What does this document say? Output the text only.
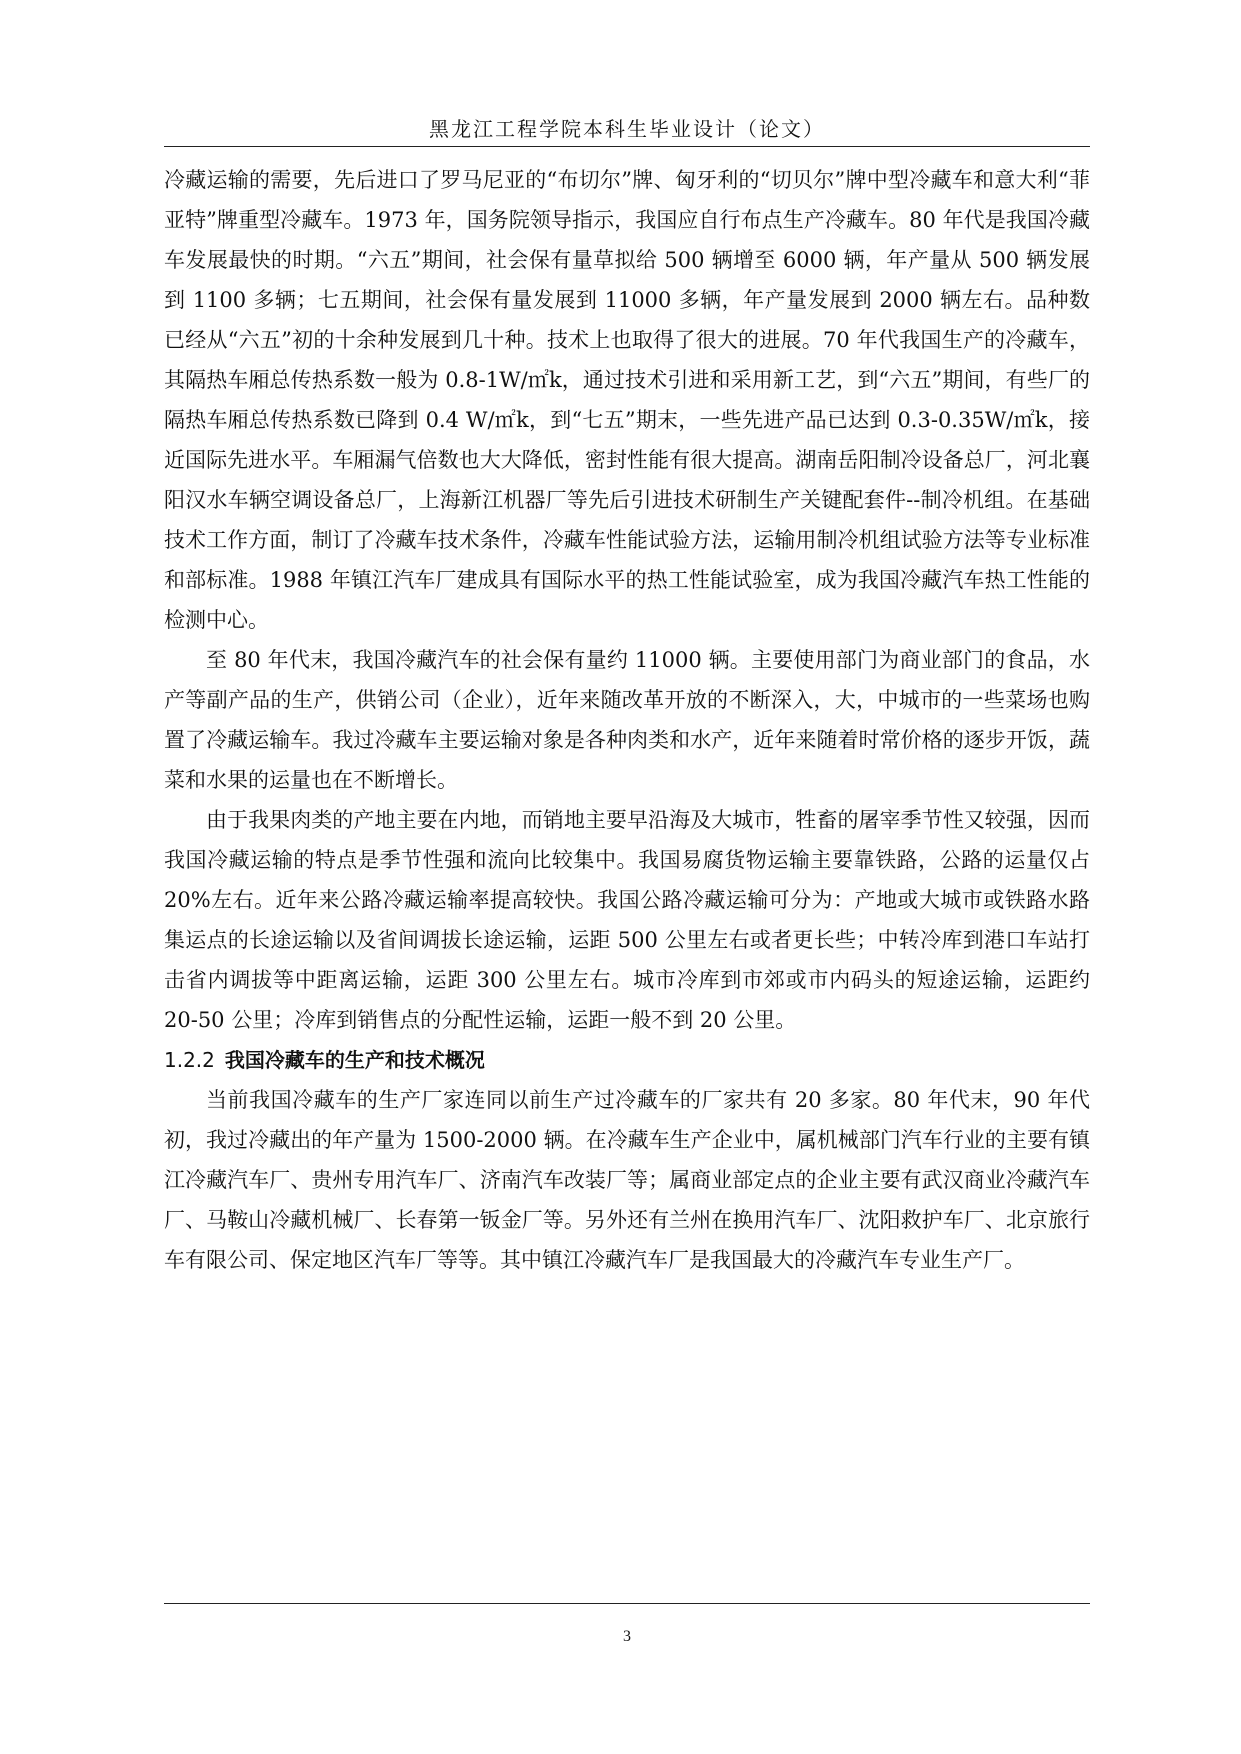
黑龙江工程学院本科生毕业设计（论文）

冷藏运输的需要，先后进口了罗马尼亚的“布切尔”牌、匈牙利的“切贝尔”牌中型冷藏车和意大利“菲亚特”牌重型冷藏车。1973 年，国务院领导指示，我国应自行布点生产冷藏车。80 年代是我国冷藏车发展最快的时期。“六五”期间，社会保有量草拟给 500 辆增至 6000 辆，年产量从 500 辆发展到 1100 多辆；七五期间，社会保有量发展到 11000 多辆，年产量发展到 2000 辆左右。品种数已经从“六五”初的十余种发展到几十种。技术上也取得了很大的进展。70 年代我国生产的冷藏车，其隔热车厢总传热系数一般为 0.8-1W/㎡k，通过技术引进和采用新工艺，到“六五”期间，有些厂的隔热车厢总传热系数已降到 0.4 W/㎡k，到“七五”期末，一些先进产品已达到 0.3-0.35W/㎡k，接近国际先进水平。车厢漏气倍数也大大降低，密封性能有很大提高。湖南岳阳制冷设备总厂，河北襄阳汉水车辆空调设备总厂，上海新江机器厂等先后引进技术研制生产关键配套件--制冷机组。在基础技术工作方面，制订了冷藏车技术条件，冷藏车性能试验方法，运输用制冷机组试验方法等专业标准和部标准。1988 年镇江汽车厂建成具有国际水平的热工性能试验室，成为我国冷藏汽车热工性能的检测中心。

至 80 年代末，我国冷藏汽车的社会保有量约 11000 辆。主要使用部门为商业部门的食品，水产等副产品的生产，供销公司（企业），近年来随改革开放的不断深入，大，中城市的一些菜场也购置了冷藏运输车。我过冷藏车主要运输对象是各种肉类和水产，近年来随着时常价格的逐步开饭，蔬菜和水果的运量也在不断增长。

由于我果肉类的产地主要在内地，而销地主要早沿海及大城市，牲畜的屠宰季节性又较强，因而我国冷藏运输的特点是季节性强和流向比较集中。我国易腐货物运输主要靠铁路，公路的运量仅占 20%左右。近年来公路冷藏运输率提高较快。我国公路冷藏运输可分为：产地或大城市或铁路水路集运点的长途运输以及省间调拔长途运输，运距 500 公里左右或者更长些；中转冷库到港口车站打击省内调拔等中距离运输，运距 300 公里左右。城市冷库到市郊或市内码头的短途运输，运距约 20-50 公里；冷库到销售点的分配性运输，运距一般不到 20 公里。

1.2.2 我国冷藏车的生产和技术概况

当前我国冷藏车的生产厂家连同以前生产过冷藏车的厂家共有 20 多家。80 年代末，90 年代初，我过冷藏出的年产量为 1500-2000 辆。在冷藏车生产企业中，属机械部门汽车行业的主要有镇江冷藏汽车厂、贵州专用汽车厂、济南汽车改装厂等；属商业部定点的企业主要有武汉商业冷藏汽车厂、马鞍山冷藏机械厂、长春第一钣金厂等。另外还有兰州在换用汽车厂、沈阳救护车厂、北京旅行车有限公司、保定地区汽车厂等等。其中镇江冷藏汽车厂是我国最大的冷藏汽车专业生产厂。

3
